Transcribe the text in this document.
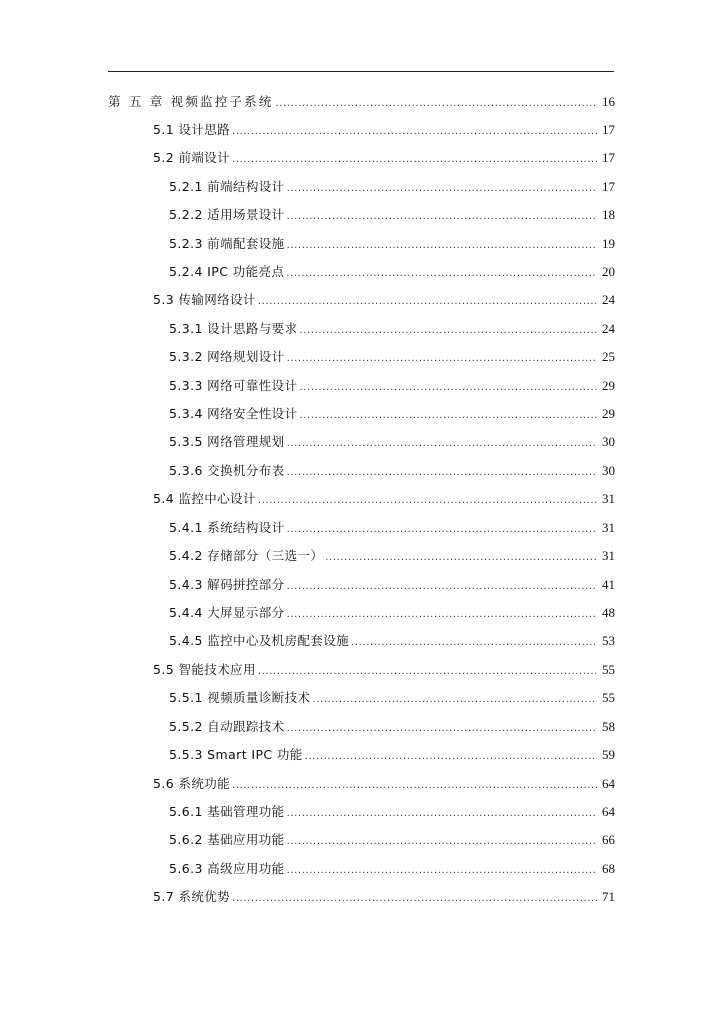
第 五 章 视频监控子系统 .....	16
5.1 设计思路 .....	17
5.2 前端设计 .....	17
5.2.1 前端结构设计 .....	17
5.2.2 适用场景设计 .....	18
5.2.3 前端配套设施 .....	19
5.2.4 IPC 功能亮点 .....	20
5.3 传输网络设计 .....	24
5.3.1 设计思路与要求 .....	24
5.3.2 网络规划设计 .....	25
5.3.3 网络可靠性设计 .....	29
5.3.4 网络安全性设计 .....	29
5.3.5 网络管理规划 .....	30
5.3.6 交换机分布表 .....	30
5.4 监控中心设计 .....	31
5.4.1 系统结构设计 .....	31
5.4.2 存储部分（三选一） .....	31
5.4.3 解码拼控部分 .....	41
5.4.4 大屏显示部分 .....	48
5.4.5 监控中心及机房配套设施 .....	53
5.5 智能技术应用 .....	55
5.5.1 视频质量诊断技术 .....	55
5.5.2 自动跟踪技术 .....	58
5.5.3 Smart IPC 功能 .....	59
5.6 系统功能 .....	64
5.6.1 基础管理功能 .....	64
5.6.2 基础应用功能 .....	66
5.6.3 高级应用功能 .....	68
5.7 系统优势 .....	71
